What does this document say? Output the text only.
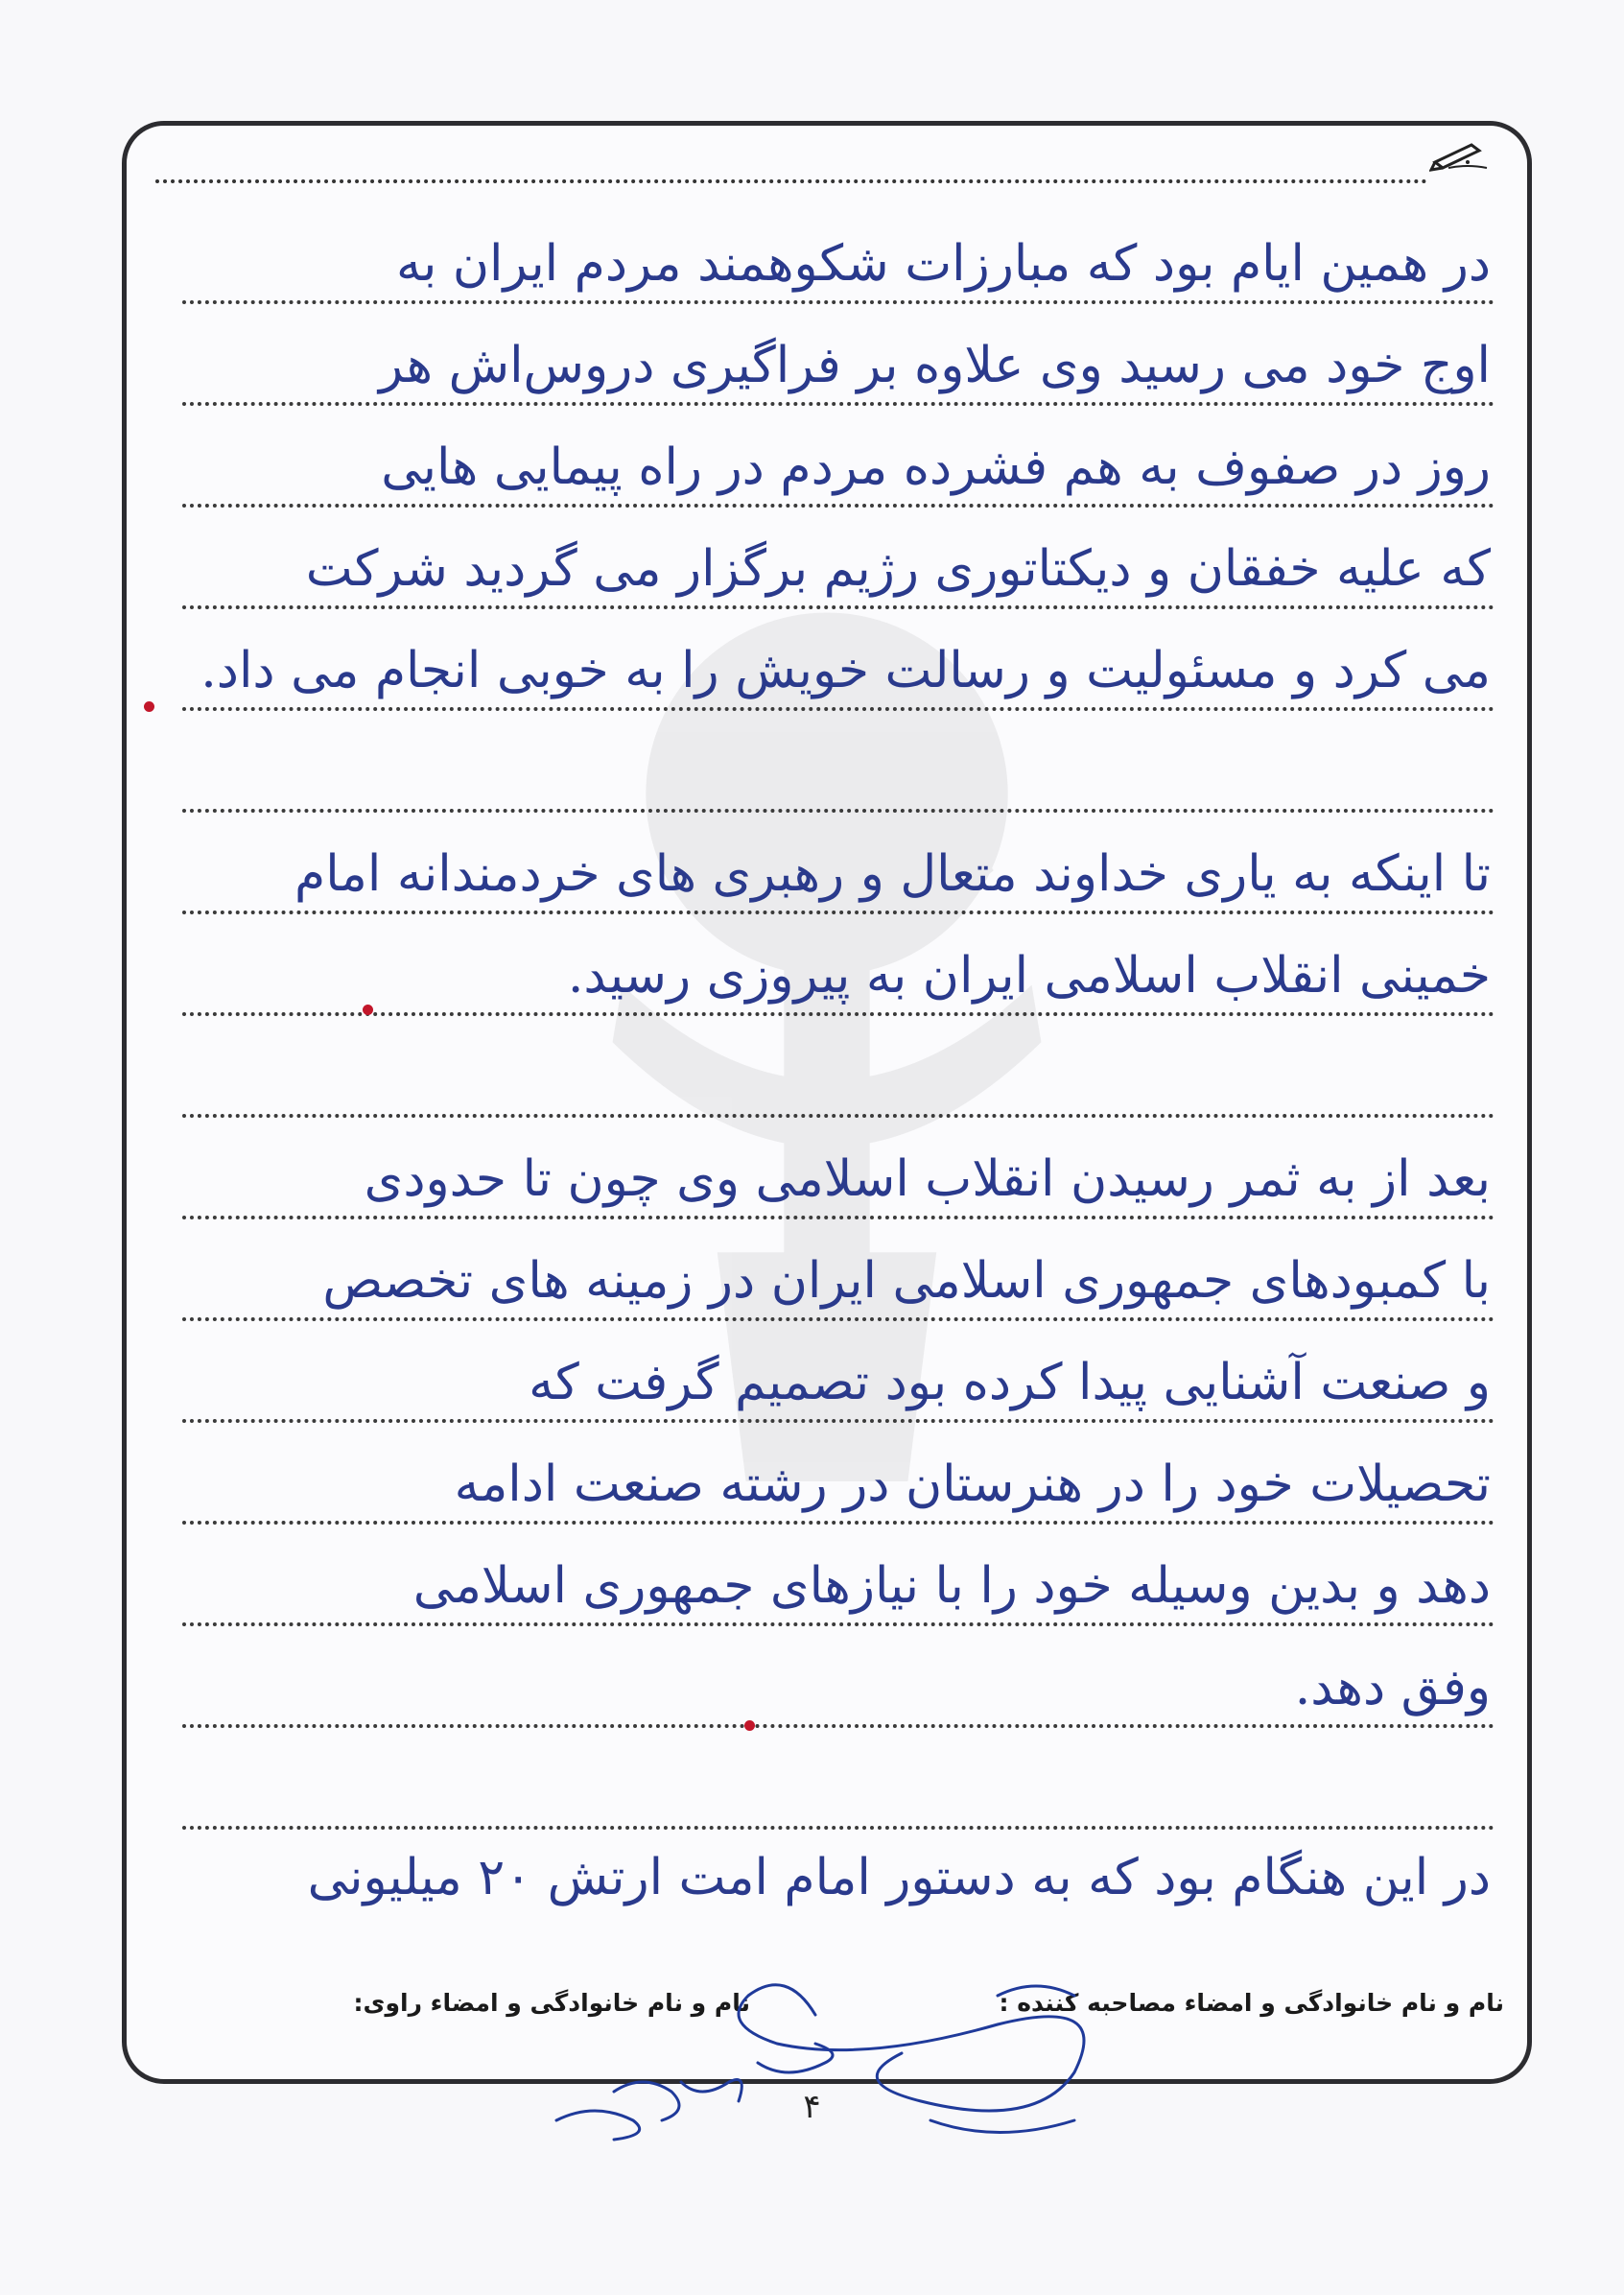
در همین ایام بود که مبارزات شکوهمند مردم ایران به
اوج خود می رسید وی علاوه بر فراگیری دروس‌اش هر
روز در صفوف به هم فشرده مردم در راه پیمایی هایی
که علیه خفقان و دیکتاتوری رژیم برگزار می گردید شرکت
می کرد و مسئولیت و رسالت خویش را به خوبی انجام می داد.
تا اینکه به یاری خداوند متعال و رهبری های خردمندانه امام
خمینی انقلاب اسلامی ایران به پیروزی رسید.
بعد از به ثمر رسیدن انقلاب اسلامی وی چون تا حدودی
با کمبودهای جمهوری اسلامی ایران در زمینه های تخصص
و صنعت آشنایی پیدا کرده بود تصمیم گرفت که
تحصیلات خود را در هنرستان در رشته صنعت ادامه
دهد و بدین وسیله خود را با نیازهای جمهوری اسلامی
وفق دهد.
در این هنگام بود که به دستور امام امت ارتش ۲۰ میلیونی
نام و نام خانوادگی و امضاء مصاحبه کننده :
نام و نام خانوادگی و امضاء راوی:
۴
